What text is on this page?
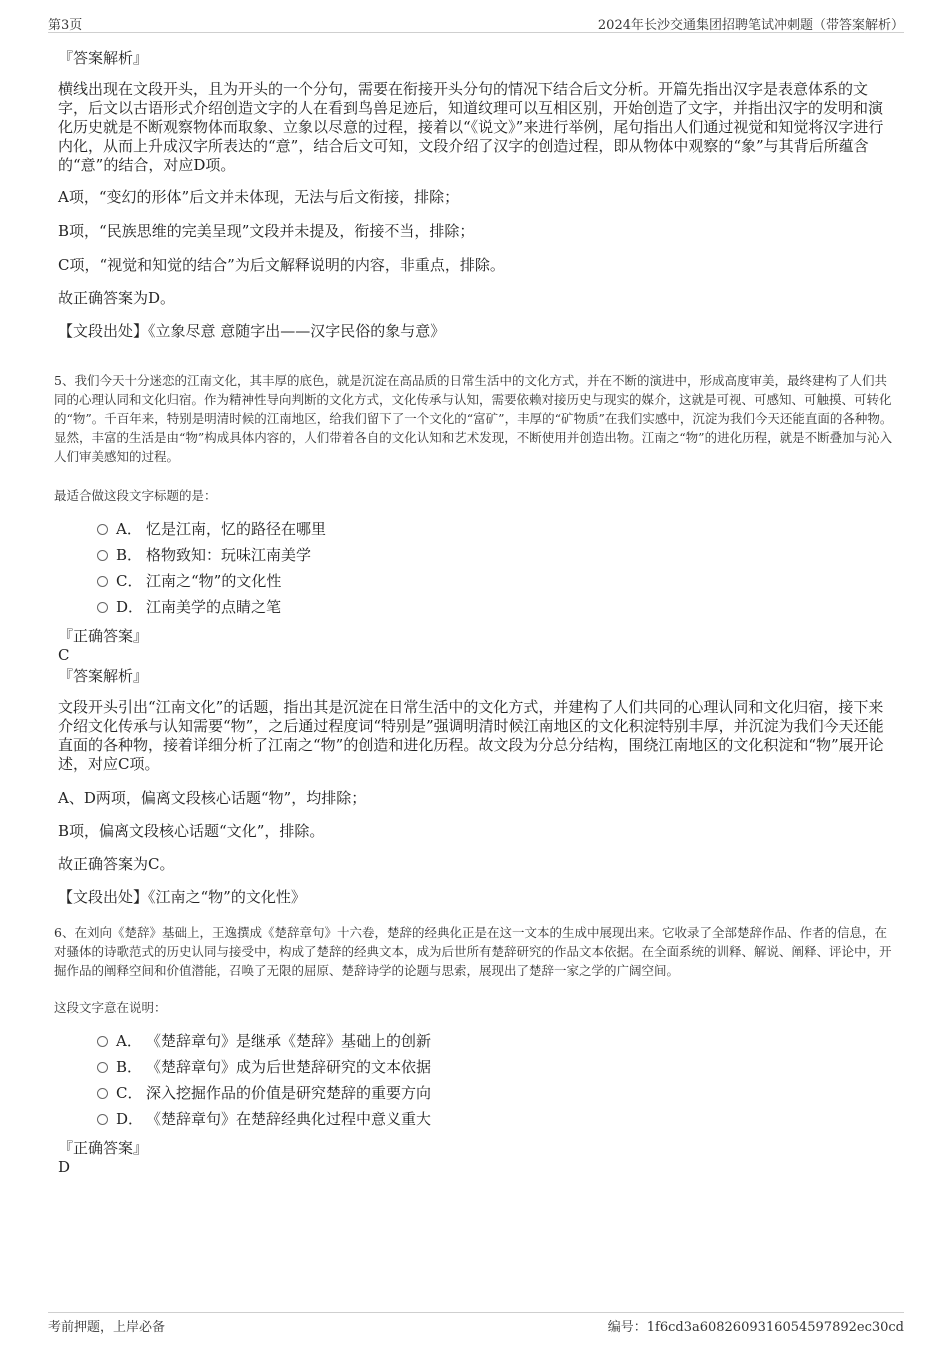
第3页	2024年长沙交通集团招聘笔试冲刺题（带答案解析）
『答案解析』

横线出现在文段开头，且为开头的一个分句，需要在衔接开头分句的情况下结合后文分析。开篇先指出汉字是表意体系的文字，后文以古语形式介绍创造文字的人在看到鸟兽足迹后，知道纹理可以互相区别，开始创造了文字，并指出汉字的发明和演化历史就是不断观察物体而取象、立象以尽意的过程，接着以“《说文》”来进行举例，尾句指出人们通过视觉和知觉将汉字进行内化，从而上升成汉字所表达的“意”，结合后文可知，文段介绍了汉字的创造过程，即从物体中观察的“象”与其背后所蕴含的“意”的结合，对应D项。

A项，“变幻的形体”后文并未体现，无法与后文衔接，排除；
B项，“民族思维的完美呈现”文段并未提及，衔接不当，排除；
C项，“视觉和知觉的结合”为后文解释说明的内容，非重点，排除。
故正确答案为D。
【文段出处】《立象尽意 意随字出——汉字民俗的象与意》

5、我们今天十分迷恋的江南文化，其丰厚的底色，就是沉淀在高品质的日常生活中的文化方式，并在不断的演进中，形成高度审美，最终建构了人们共同的心理认同和文化归宿。作为精神性导向判断的文化方式，文化传承与认知，需要依赖对接历史与现实的媒介，这就是可视、可感知、可触摸、可转化的“物”。千百年来，特别是明清时候的江南地区，给我们留下了一个文化的“富矿”，丰厚的“矿物质”在我们实感中，沉淀为我们今天还能直面的各种物。显然，丰富的生活是由“物”构成具体内容的，人们带着各自的文化认知和艺术发现，不断使用并创造出物。江南之“物”的进化历程，就是不断叠加与沁入人们审美感知的过程。

最适合做这段文字标题的是：
A． 忆是江南，忆的路径在哪里
B． 格物致知：玩味江南美学
C． 江南之“物”的文化性
D． 江南美学的点睛之笔
『正确答案』
C
『答案解析』

文段开头引出“江南文化”的话题，指出其是沉淀在日常生活中的文化方式，并建构了人们共同的心理认同和文化归宿，接下来介绍文化传承与认知需要“物”，之后通过程度词“特别是”强调明清时候江南地区的文化积淀特别丰厚，并沉淀为我们今天还能直面的各种物，接着详细分析了江南之“物”的创造和进化历程。故文段为分总分结构，围绕江南地区的文化积淀和“物”展开论述，对应C项。

A、D两项，偏离文段核心话题“物”，均排除；
B项，偏离文段核心话题“文化”，排除。
故正确答案为C。
【文段出处】《江南之“物”的文化性》

6、在刘向《楚辞》基础上，王逸撰成《楚辞章句》十六卷，楚辞的经典化正是在这一文本的生成中展现出来。它收录了全部楚辞作品、作者的信息，在对骚体的诗歌范式的历史认同与接受中，构成了楚辞的经典文本，成为后世所有楚辞研究的作品文本依据。在全面系统的训释、解说、阐释、评论中，开掘作品的阐释空间和价值潜能，召唤了无限的屈原、楚辞诗学的论题与思索，展现出了楚辞一家之学的广阔空间。

这段文字意在说明：
A． 《楚辞章句》是继承《楚辞》基础上的创新
B． 《楚辞章句》成为后世楚辞研究的文本依据
C． 深入挖掘作品的价值是研究楚辞的重要方向
D． 《楚辞章句》在楚辞经典化过程中意义重大
『正确答案』
D
考前押题，上岸必备	编号：1f6cd3a6082609316054597892ec30cd
